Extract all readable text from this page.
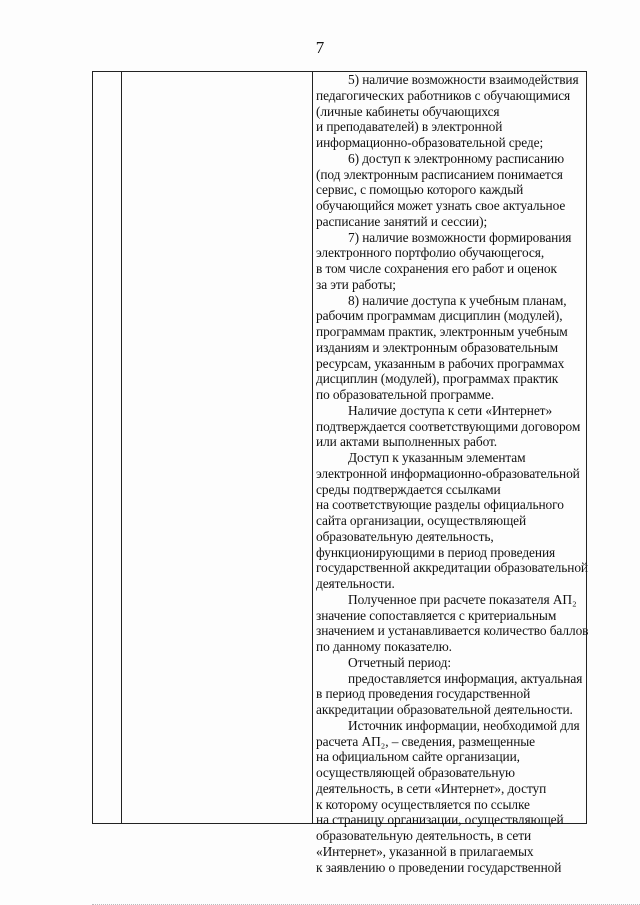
7
5) наличие возможности взаимодействия
педагогических работников с обучающимися
(личные кабинеты обучающихся
и преподавателей) в электронной
информационно-образовательной среде;
6) доступ к электронному расписанию
(под электронным расписанием понимается
сервис, с помощью которого каждый
обучающийся может узнать свое актуальное
расписание занятий и сессии);
7) наличие возможности формирования
электронного портфолио обучающегося,
в том числе сохранения его работ и оценок
за эти работы;
8) наличие доступа к учебным планам,
рабочим программам дисциплин (модулей),
программам практик, электронным учебным
изданиям и электронным образовательным
ресурсам, указанным в рабочих программах
дисциплин (модулей), программах практик
по образовательной программе.
Наличие доступа к сети «Интернет»
подтверждается соответствующими договором
или актами выполненных работ.
Доступ к указанным элементам
электронной информационно-образовательной
среды подтверждается ссылками
на соответствующие разделы официального
сайта организации, осуществляющей
образовательную деятельность,
функционирующими в период проведения
государственной аккредитации образовательной
деятельности.
Полученное при расчете показателя АП₂
значение сопоставляется с критериальным
значением и устанавливается количество баллов
по данному показателю.
Отчетный период:
предоставляется информация, актуальная
в период проведения государственной
аккредитации образовательной деятельности.
Источник информации, необходимой для
расчета АП₂, – сведения, размещенные
на официальном сайте организации,
осуществляющей образовательную
деятельность, в сети «Интернет», доступ
к которому осуществляется по ссылке
на страницу организации, осуществляющей
образовательную деятельность, в сети
«Интернет», указанной в прилагаемых
к заявлению о проведении государственной
